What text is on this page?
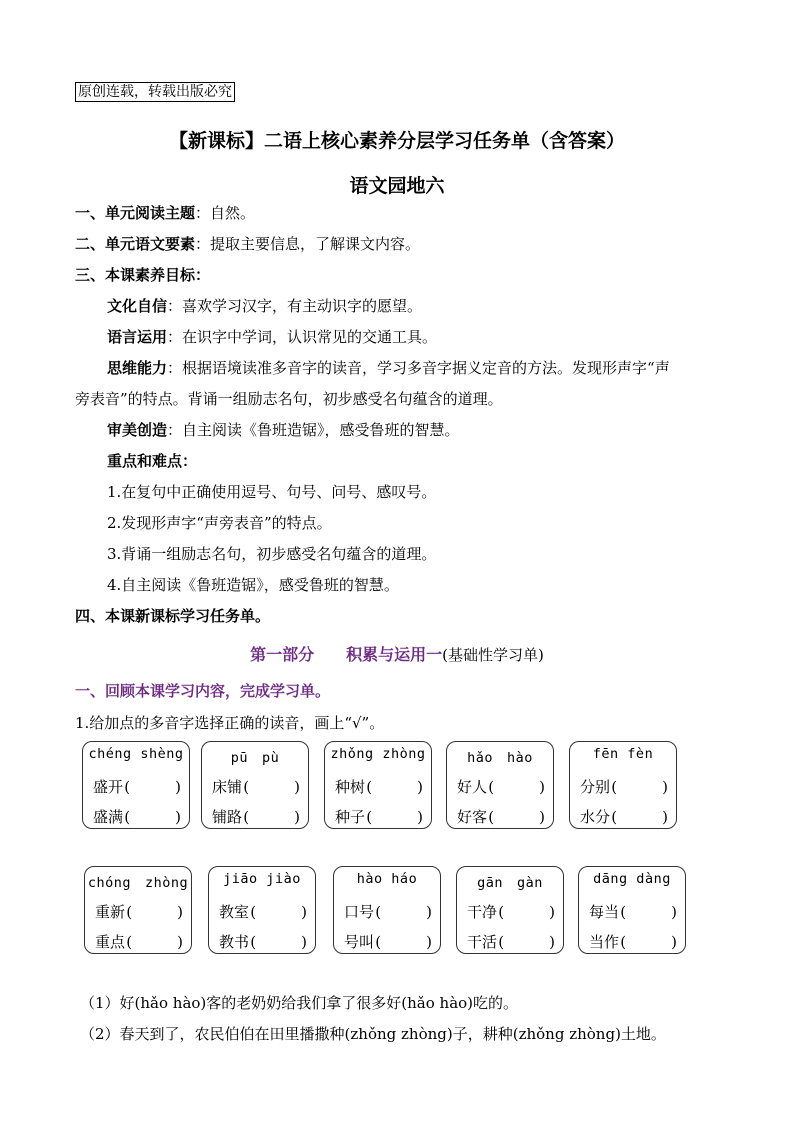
原创连载，转载出版必究
【新课标】二语上核心素养分层学习任务单（含答案）
语文园地六
一、单元阅读主题：自然。
二、单元语文要素：提取主要信息，了解课文内容。
三、本课素养目标：
文化自信：喜欢学习汉字，有主动识字的愿望。
语言运用：在识字中学词，认识常见的交通工具。
思维能力：根据语境读准多音字的读音，学习多音字据义定音的方法。发现形声字“声
旁表音”的特点。背诵一组励志名句，初步感受名句蕴含的道理。
审美创造：自主阅读《鲁班造锯》，感受鲁班的智慧。
重点和难点：
1.在复句中正确使用逗号、句号、问号、感叹号。
2.发现形声字“声旁表音”的特点。
3.背诵一组励志名句，初步感受名句蕴含的道理。
4.自主阅读《鲁班造锯》，感受鲁班的智慧。
四、本课新课标学习任务单。
第一部分　　积累与运用一(基础性学习单)
一、回顾本课学习内容，完成学习单。
1.给加点的多音字选择正确的读音，画上“√”。
chéng shèng
盛开 (　　　)
盛满 (　　　)
pū　pù
床铺 (　　　)
铺路 (　　　)
zhǒng zhòng
种树 (　　　)
种子 (　　　)
hǎo　hào
好人 (　　　)
好客 (　　　)
fēn fèn
分别 (　　　)
水分 (　　　)
chóng　zhòng
重新 (　　　)
重点 (　　　)
jiāo jiào
教室 (　　　)
教书 (　　　)
hào háo
口号 (　　　)
号叫 (　　　)
gān　gàn
干净 (　　　)
干活 (　　　)
dāng dàng
每当 (　　　)
当作 (　　　)
（1）好(hǎo hào)客的老奶奶给我们拿了很多好(hǎo hào)吃的。
（2）春天到了，农民伯伯在田里播撒种(zhǒng zhòng)子，耕种(zhǒng zhòng)土地。
